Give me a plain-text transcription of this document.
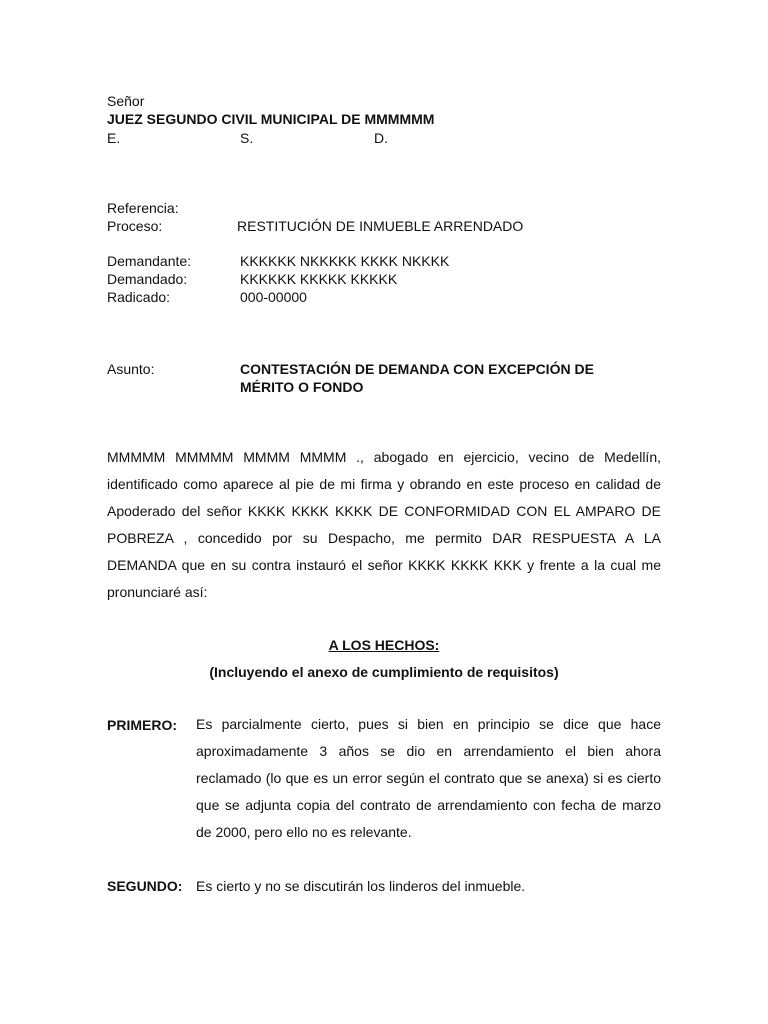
Señor
JUEZ SEGUNDO CIVIL MUNICIPAL DE MMMMMM
E.	S.	D.
Referencia:
Proceso:	RESTITUCIÓN DE INMUEBLE ARRENDADO
Demandante:	KKKKKK NKKKKK KKKK NKKKK
Demandado:	KKKKKK KKKKK KKKKK
Radicado:	000-00000
Asunto:	CONTESTACIÓN DE DEMANDA CON EXCEPCIÓN DE
MÉRITO O FONDO
MMMMM MMMMM MMMM MMMM ., abogado en ejercicio, vecino de Medellín, identificado como aparece al pie de mi firma y obrando en este proceso en calidad de Apoderado del señor KKKK KKKK KKKK DE CONFORMIDAD CON EL AMPARO DE POBREZA , concedido por su Despacho, me permito DAR RESPUESTA A LA DEMANDA que en su contra instauró el señor KKKK KKKK KKK y frente a la cual me pronunciaré así:
A LOS HECHOS:
(Incluyendo el anexo de cumplimiento de requisitos)
PRIMERO: Es parcialmente cierto, pues si bien en principio se dice que hace aproximadamente 3 años se dio en arrendamiento el bien ahora reclamado (lo que es un error según el contrato que se anexa) si es cierto que se adjunta copia del contrato de arrendamiento con fecha de marzo de 2000, pero ello no es relevante.
SEGUNDO: Es cierto y no se discutirán los linderos del inmueble.
